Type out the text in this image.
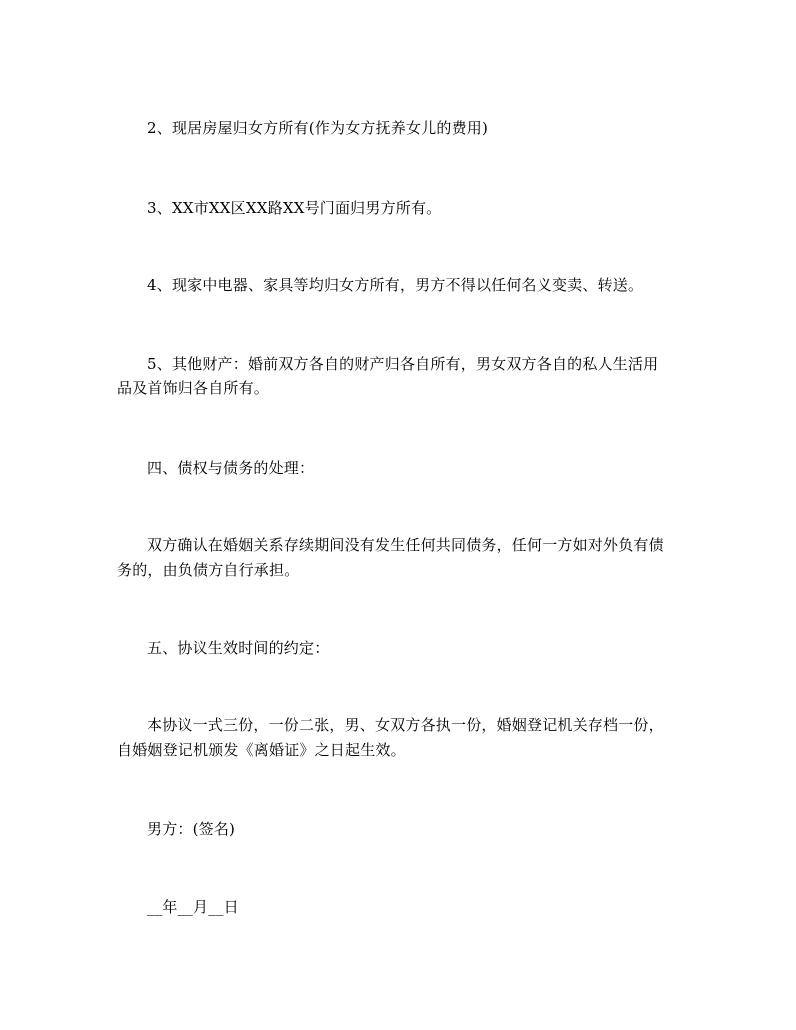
2、现居房屋归女方所有(作为女方抚养女儿的费用)
3、XX市XX区XX路XX号门面归男方所有。
4、现家中电器、家具等均归女方所有，男方不得以任何名义变卖、转送。
5、其他财产：婚前双方各自的财产归各自所有，男女双方各自的私人生活用
品及首饰归各自所有。
四、债权与债务的处理：
双方确认在婚姻关系存续期间没有发生任何共同债务，任何一方如对外负有债
务的，由负债方自行承担。
五、协议生效时间的约定：
本协议一式三份，一份二张，男、女双方各执一份，婚姻登记机关存档一份，
自婚姻登记机颁发《离婚证》之日起生效。
男方：(签名)
__年__月__日
